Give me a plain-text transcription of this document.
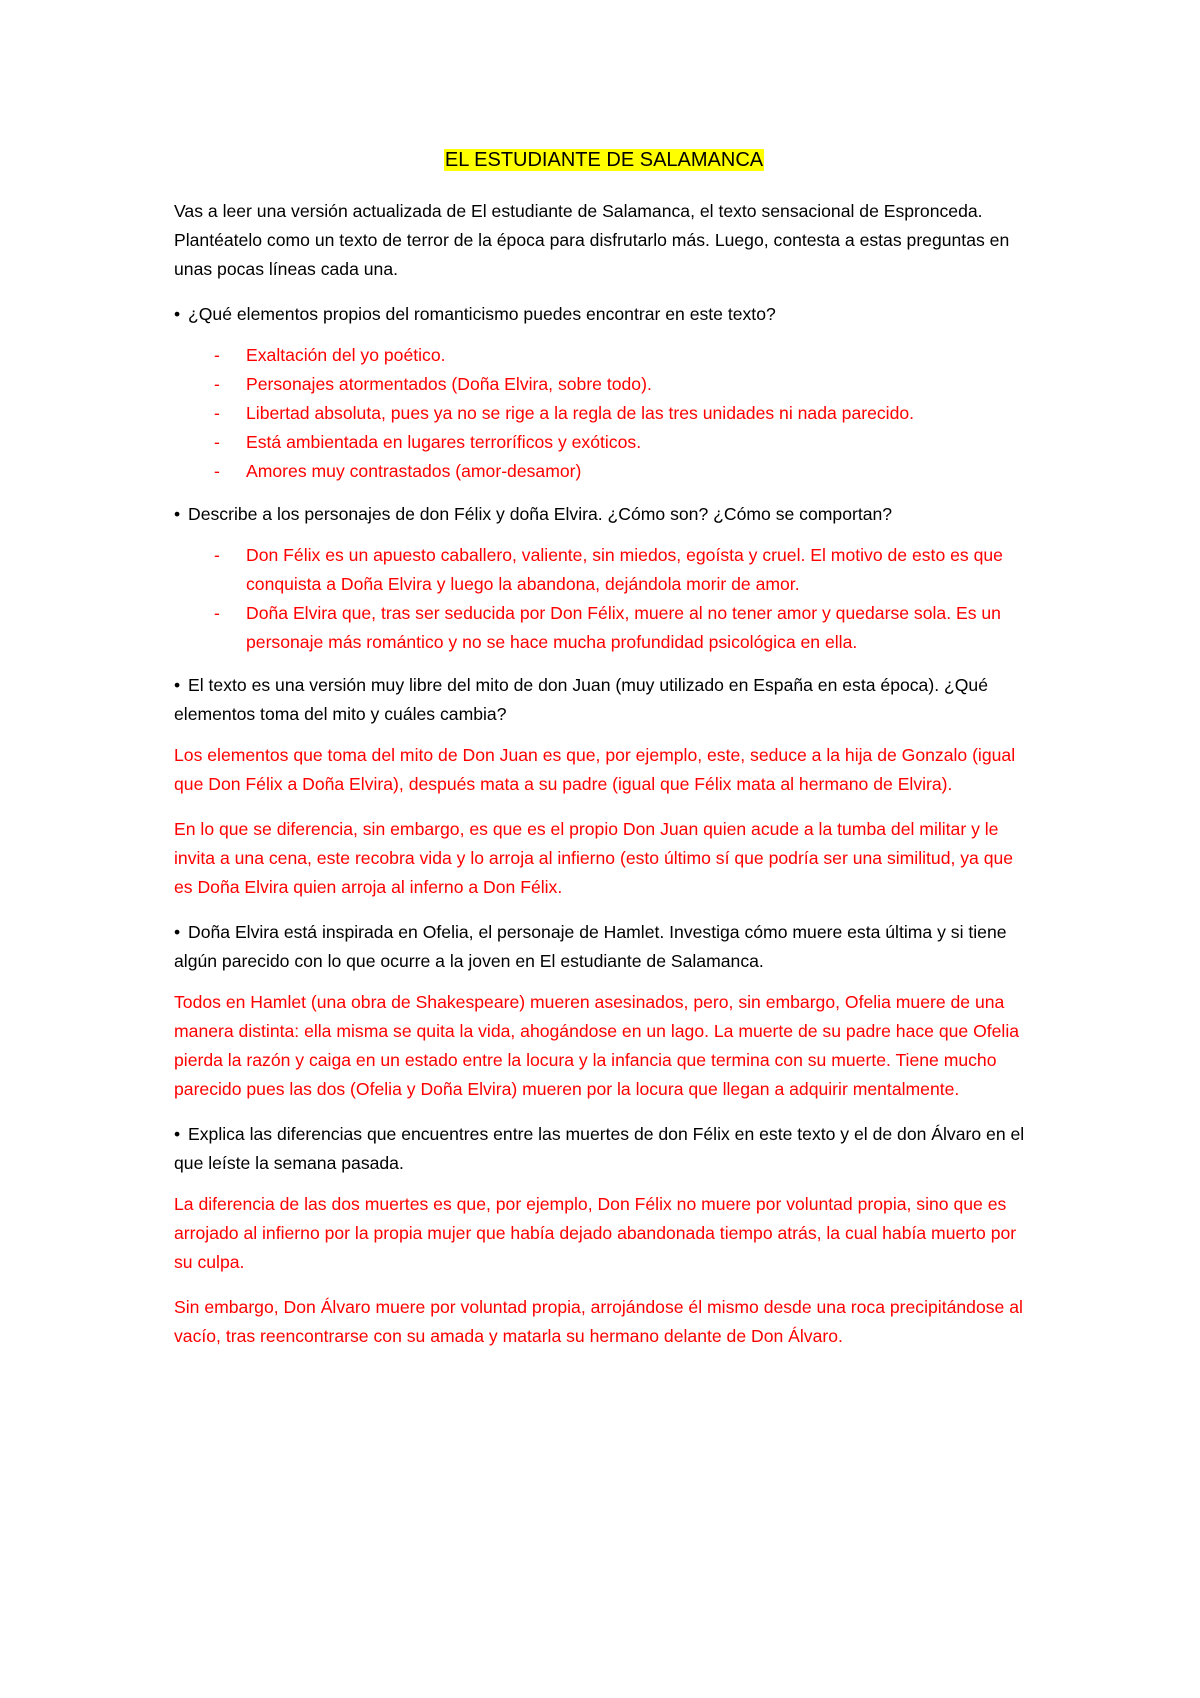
EL ESTUDIANTE DE SALAMANCA

Vas a leer una versión actualizada de El estudiante de Salamanca, el texto sensacional de Espronceda. Plantéatelo como un texto de terror de la época para disfrutarlo más. Luego, contesta a estas preguntas en unas pocas líneas cada una.

• ¿Qué elementos propios del romanticismo puedes encontrar en este texto?

- Exaltación del yo poético.
- Personajes atormentados (Doña Elvira, sobre todo).
- Libertad absoluta, pues ya no se rige a la regla de las tres unidades ni nada parecido.
- Está ambientada en lugares terroríficos y exóticos.
- Amores muy contrastados (amor-desamor)

• Describe a los personajes de don Félix y doña Elvira. ¿Cómo son? ¿Cómo se comportan?

- Don Félix es un apuesto caballero, valiente, sin miedos, egoísta y cruel. El motivo de esto es que conquista a Doña Elvira y luego la abandona, dejándola morir de amor.
- Doña Elvira que, tras ser seducida por Don Félix, muere al no tener amor y quedarse sola. Es un personaje más romántico y no se hace mucha profundidad psicológica en ella.

• El texto es una versión muy libre del mito de don Juan (muy utilizado en España en esta época). ¿Qué elementos toma del mito y cuáles cambia?

Los elementos que toma del mito de Don Juan es que, por ejemplo, este, seduce a la hija de Gonzalo (igual que Don Félix a Doña Elvira), después mata a su padre (igual que Félix mata al hermano de Elvira).

En lo que se diferencia, sin embargo, es que es el propio Don Juan quien acude a la tumba del militar y le invita a una cena, este recobra vida y lo arroja al infierno (esto último sí que podría ser una similitud, ya que es Doña Elvira quien arroja al inferno a Don Félix.

• Doña Elvira está inspirada en Ofelia, el personaje de Hamlet. Investiga cómo muere esta última y si tiene algún parecido con lo que ocurre a la joven en El estudiante de Salamanca.

Todos en Hamlet (una obra de Shakespeare) mueren asesinados, pero, sin embargo, Ofelia muere de una manera distinta: ella misma se quita la vida, ahogándose en un lago. La muerte de su padre hace que Ofelia pierda la razón y caiga en un estado entre la locura y la infancia que termina con su muerte. Tiene mucho parecido pues las dos (Ofelia y Doña Elvira) mueren por la locura que llegan a adquirir mentalmente.

• Explica las diferencias que encuentres entre las muertes de don Félix en este texto y el de don Álvaro en el que leíste la semana pasada.

La diferencia de las dos muertes es que, por ejemplo, Don Félix no muere por voluntad propia, sino que es arrojado al infierno por la propia mujer que había dejado abandonada tiempo atrás, la cual había muerto por su culpa.

Sin embargo, Don Álvaro muere por voluntad propia, arrojándose él mismo desde una roca precipitándose al vacío, tras reencontrarse con su amada y matarla su hermano delante de Don Álvaro.
